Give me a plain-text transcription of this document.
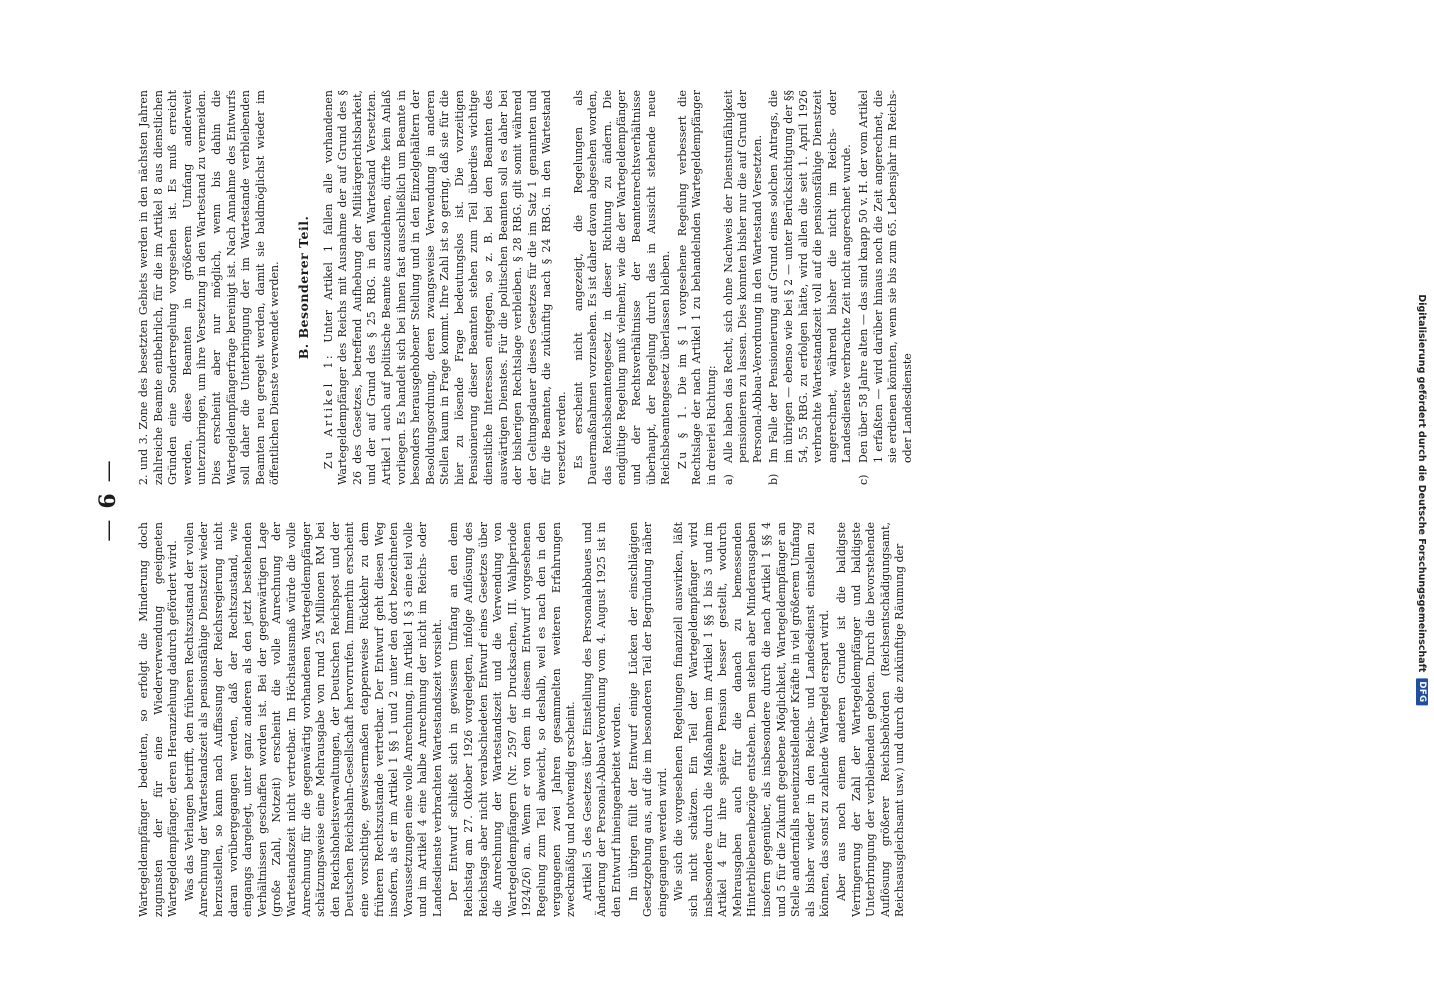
— 6 —

Wartegeldempfänger bedeuten, so erfolgt die Minderung doch zugunsten der für eine Wiederverwendung geeigneten Wartegeldempfänger, deren Heranziehung dadurch gefördert wird. Was das Verlangen betrifft, den früheren Rechtszustand der vollen Anrechnung der Wartestandszeit als pensionsfähige Dienstzeit wieder herzustellen, so kann nach Auffassung der Reichsregierung nicht daran vorübergegangen werden, daß der Rechtszustand, wie eingangs dargelegt, unter ganz anderen als den jetzt bestehenden Verhältnissen geschaffen worden ist. Bei der gegenwärtigen Lage (große Zahl, Notzeit) erscheint die volle Anrechnung der Wartestandszeit nicht vertretbar. Im Höchstausmaß würde die volle Anrechnung für die gegenwärtig vorhandenen Wartegeldempfänger schätzungsweise eine Mehrausgabe von rund 25 Millionen RM bei den Reichshoheitsverwaltungen, der Deutschen Reichspost und der Deutschen Reichsbahn-Gesellschaft hervorrufen. Immerhin erscheint eine vorsichtige, gewissermaßen etappenweise Rückkehr zu dem früheren Rechtszustande vertretbar. Der Entwurf geht diesen Weg insofern, als er im Artikel 1 §§ 1 und 2 unter den dort bezeichneten Voraussetzungen eine volle Anrechnung, im Artikel 1 § 3 eine teil volle und im Artikel 4 eine halbe Anrechnung der nicht im Reichs- oder Landesdienste verbrachten Wartestandszeit vorsieht. Der Entwurf schließt sich in gewissem Umfang an den dem Reichstag am 27. Oktober 1926 vorgelegten, infolge Auflösung des Reichstags aber nicht verabschiedeten Entwurf eines Gesetzes über die Anrechnung der Wartestandszeit und die Verwendung von Wartegeldempfängern (Nr. 2597 der Drucksachen, III. Wahlperiode 1924/26) an. Wenn er von dem in diesem Entwurf vorgesehenen Regelung zum Teil abweicht, so deshalb, weil es nach den in den vergangenen zwei Jahren gesammelten weiteren Erfahrungen zweckmäßig und notwendig erscheint. Artikel 5 des Gesetzes über Einstellung des Personalabbaues und Änderung der Personal-Abbau-Verordnung vom 4. August 1925 ist in den Entwurf hineingearbeitet worden. Im übrigen füllt der Entwurf einige Lücken der einschlägigen Gesetzgebung aus, auf die im besonderen Teil der Begründung näher eingegangen werden wird. Wie sich die vorgesehenen Regelungen finanziell auswirken, läßt sich nicht schätzen. Ein Teil der Wartegeldempfänger wird insbesondere durch die Maßnahmen im Artikel 1 §§ 1 bis 3 und im Artikel 4 für ihre spätere Pension besser gestellt, wodurch Mehrausgaben auch für die danach zu bemessenden Hinterbliebenenbezüge entstehen. Dem stehen aber Minderausgaben insofern gegenüber, als insbesondere durch die nach Artikel 1 §§ 4 und 5 für die Zukunft gegebene Möglichkeit, Wartegeldempfänger an Stelle andernfalls neueinzustellender Kräfte in viel größerem Umfang als bisher wieder in den Reichs- und Landesdienst einstellen zu können, das sonst zu zahlende Wartegeld erspart wird. Aber aus noch einem anderen Grunde ist die baldigste Verringerung der Zahl der Wartegeldempfänger und baldigste Unterbringung der verbleibenden geboten. Durch die bevorstehende Auflösung größerer Reichsbehörden (Reichsentschädigungsamt, Reichsausgleichsamt usw.) und durch die zukünftige Räumung der

2. und 3. Zone des besetzten Gebiets werden in den nächsten Jahren zahlreiche Beamte entbehrlich, für die im Artikel 8 aus dienstlichen Gründen eine Sonderregelung vorgesehen ist. Es muß erreicht werden, diese Beamten in größerem Umfang anderweit unterzubringen, um ihre Versetzung in den Wartestand zu vermeiden. Dies erscheint aber nur möglich, wenn bis dahin die Wartegeldempfängerfrage bereinigt ist. Nach Annahme des Entwurfs soll daher die Unterbringung der im Wartestande verbleibenden Beamten neu geregelt werden, damit sie baldmöglichst wieder im öffentlichen Dienste verwendet werden. B. Besonderer Teil.

Zu Artikel 1: Unter Artikel 1 fallen alle vorhandenen Wartegeldempfänger des Reichs mit Ausnahme der auf Grund des § 26 des Gesetzes, betreffend Aufhebung der Militärgerichtsbarkeit, und der auf Grund des § 25 RBG. in den Wartestand Versetzten. Artikel 1 auch auf politische Beamte auszudehnen, dürfte kein Anlaß vorliegen. Es handelt sich bei ihnen fast ausschließlich um Beamte in besonders herausgehobener Stellung und in den Einzelgehältern der Besoldungsordnung, deren zwangsweise Verwendung in anderen Stellen kaum in Frage kommt. Ihre Zahl ist so gering, daß sie für die hier zu lösende Frage bedeutungslos ist. Die vorzeitigen Pensionierung dieser Beamten stehen zum Teil überdies wichtige dienstliche Interessen entgegen, so z. B. bei den Beamten des auswärtigen Dienstes. Für die politischen Beamten soll es daher bei der bisherigen Rechtslage verbleiben. § 28 RBG. gilt somit während der Geltungsdauer dieses Gesetzes für die im Satz 1 genannten und für die Beamten, die zukünftig nach § 24 RBG. in den Wartestand versetzt werden. Es erscheint nicht angezeigt, die Regelungen als Dauermaßnahmen vorzusehen. Es ist daher davon abgesehen worden, das Reichsbeamtengesetz in dieser Richtung zu ändern. Die endgültige Regelung muß vielmehr, wie die der Wartegeldempfänger und der Rechtsverhältnisse der Beamtenrechtsverhältnisse überhaupt, der Regelung durch das in Aussicht stehende neue Reichsbeamtengesetz überlassen bleiben. Zu § 1. Die im § 1 vorgesehene Regelung verbessert die Rechtslage der nach Artikel 1 zu behandelnden Wartegeldempfänger in dreierlei Richtung: a)
Alle haben das Recht, sich ohne Nachweis der Dienstunfähigkeit pensionieren zu lassen. Dies konnten bisher nur die auf Grund der Personal-Abbau-Verordnung in den Wartestand Versetzten.
b)
Im Falle der Pensionierung auf Grund eines solchen Antrags, die im übrigen — ebenso wie bei § 2 — unter Berücksichtigung der §§ 54, 55 RBG. zu erfolgen hätte, wird allen die seit 1. April 1926 verbrachte Wartestandszeit voll auf die pensionsfähige Dienstzeit angerechnet, während bisher die nicht im Reichs- oder Landesdienste verbrachte Zeit nicht angerechnet wurde.
c)
Den über 58 Jahre alten — das sind knapp 50 v. H. der vom Artikel 1 erfaßten — wird darüber hinaus noch die Zeit angerechnet, die sie erdienen könnten, wenn sie bis zum 65. Lebensjahr im Reichs- oder Landesdienste	Digitalisierung gefördert durch die Deutsche Forschungsgemeinschaft
DFG
